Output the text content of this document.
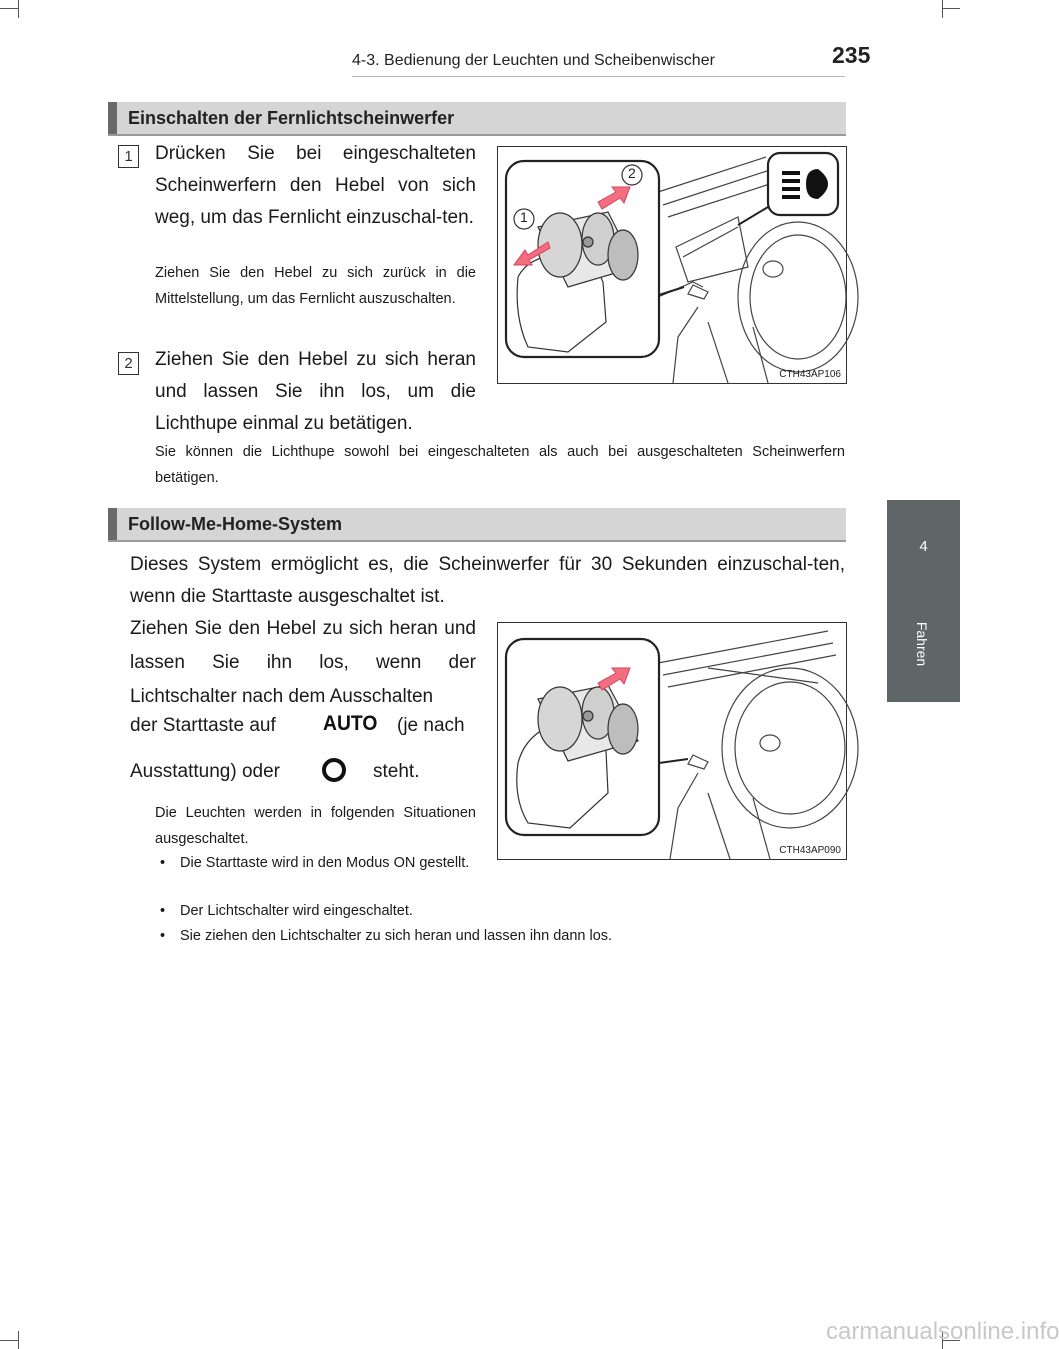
4-3. Bedienung der Leuchten und Scheibenwischer	235
4
Fahren
Einschalten der Fernlichtscheinwerfer
1	Drücken Sie bei eingeschalteten Scheinwerfern den Hebel von sich weg, um das Fernlicht einzuschal-ten.
Ziehen Sie den Hebel zu sich zurück in die Mittelstellung, um das Fernlicht auszuschalten.
2	Ziehen Sie den Hebel zu sich heran und lassen Sie ihn los, um die Lichthupe einmal zu betätigen.
Sie können die Lichthupe sowohl bei eingeschalteten als auch bei ausgeschalteten Scheinwerfern betätigen.
2
1
CTH43AP106
Follow-Me-Home-System
Dieses System ermöglicht es, die Scheinwerfer für 30 Sekunden einzuschal-ten, wenn die Starttaste ausgeschaltet ist.
Ziehen Sie den Hebel zu sich heran und lassen Sie ihn los, wenn der Lichtschalter nach dem Ausschalten
der Starttaste auf AUTO (je nach
Ausstattung) oder	steht.
Die Leuchten werden in folgenden Situationen ausgeschaltet.
•	Die Starttaste wird in den Modus ON gestellt.
•	Der Lichtschalter wird eingeschaltet.
•	Sie ziehen den Lichtschalter zu sich heran und lassen ihn dann los.
CTH43AP090
carmanualsonline.info
